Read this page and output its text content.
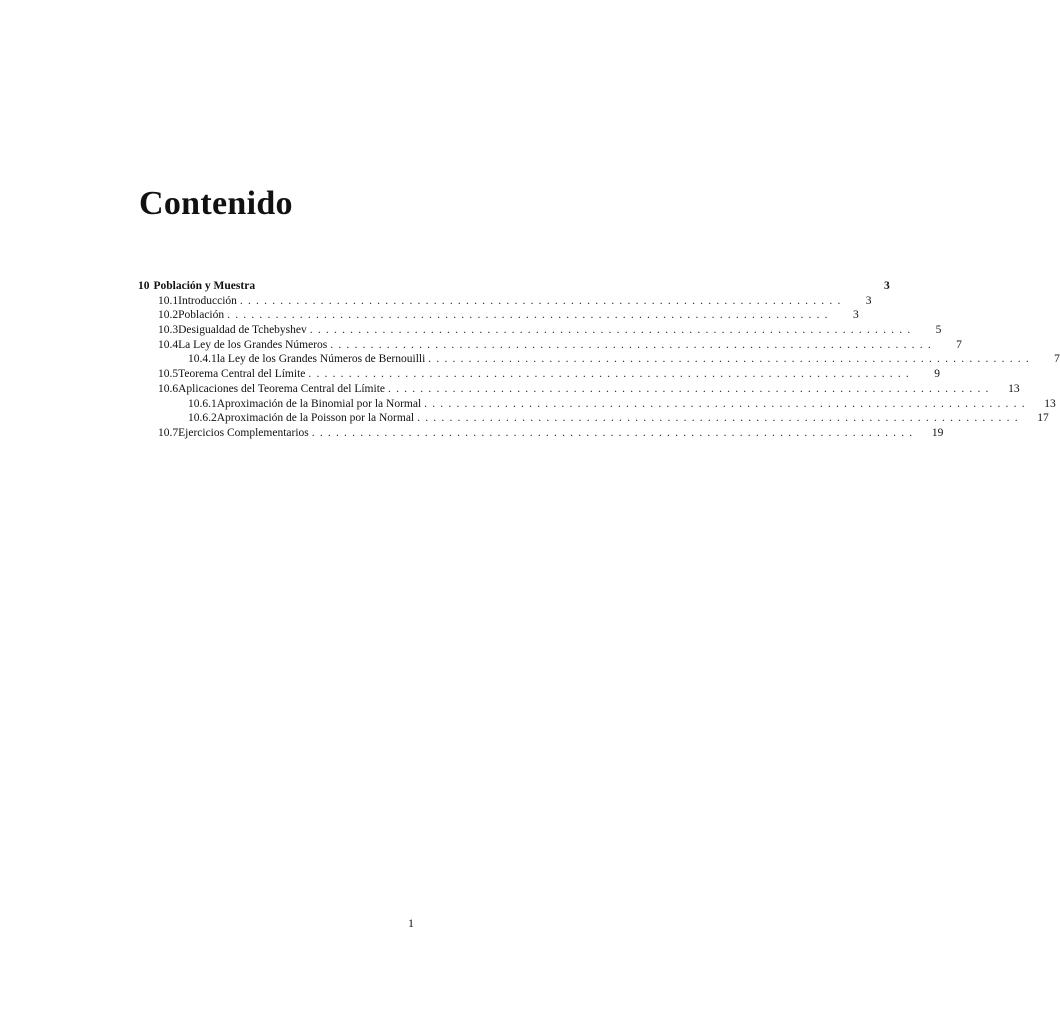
Contenido
10 Población y Muestra	3
10.1 Introducción ...........................................................................	3
10.2 Población ...........................................................................	3
10.3 Desigualdad de Tchebyshev ...........................................................................	5
10.4 La Ley de los Grandes Números ...........................................................................	7
10.4.1 la Ley de los Grandes Números de Bernouilli ...........................................................................	7
10.5 Teorema Central del Límite ...........................................................................	9
10.6 Aplicaciones del Teorema Central del Límite ...........................................................................	13
10.6.1 Aproximación de la Binomial por la Normal ...........................................................................	13
10.6.2 Aproximación de la Poisson por la Normal ...........................................................................	17
10.7 Ejercicios Complementarios ...........................................................................	19
1
